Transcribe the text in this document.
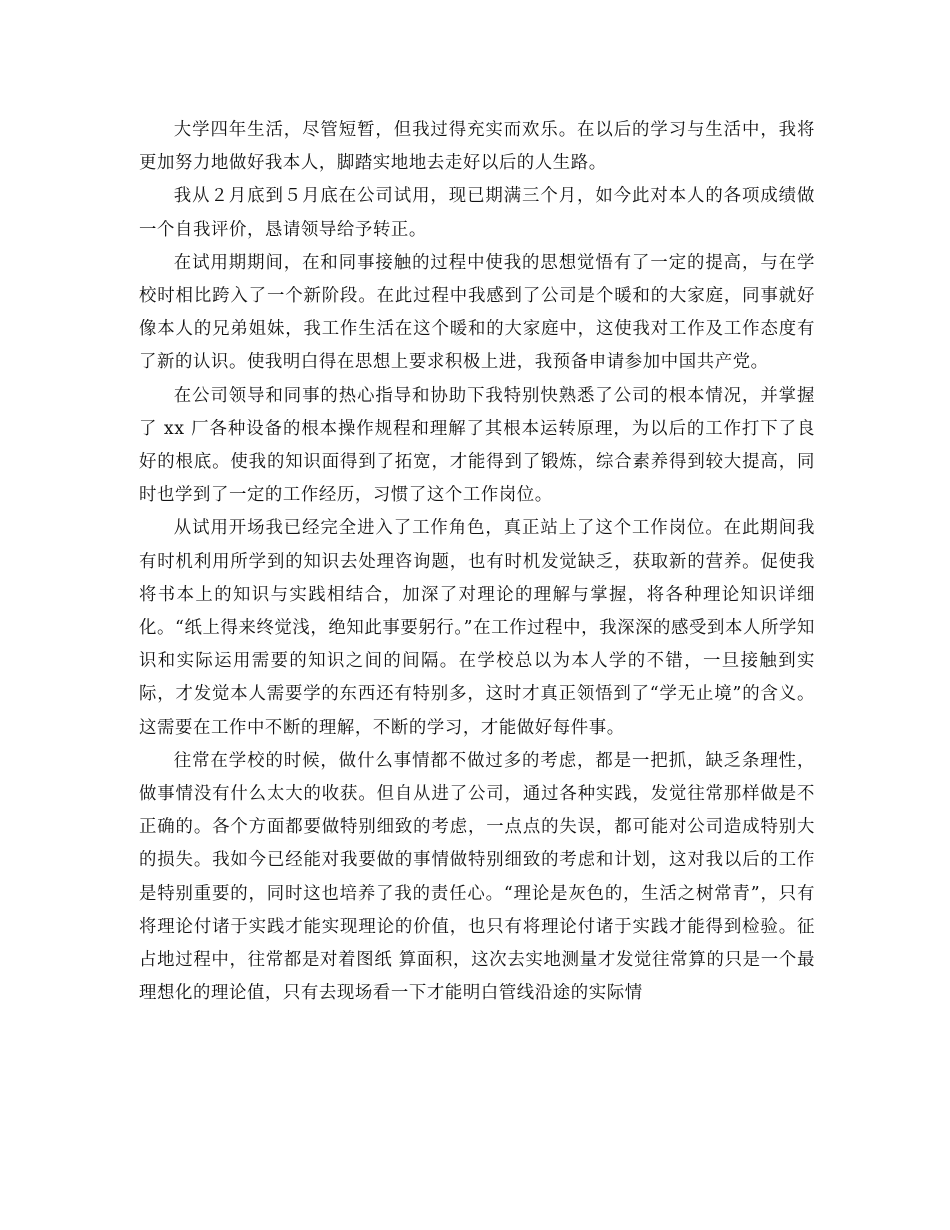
大学四年生活，尽管短暂，但我过得充实而欢乐。在以后的学习与生活中，我将更加努力地做好我本人，脚踏实地地去走好以后的人生路。

我从２月底到５月底在公司试用，现已期满三个月，如今此对本人的各项成绩做一个自我评价，恳请领导给予转正。

在试用期期间，在和同事接触的过程中使我的思想觉悟有了一定的提高，与在学校时相比跨入了一个新阶段。在此过程中我感到了公司是个暖和的大家庭，同事就好像本人的兄弟姐妹，我工作生活在这个暖和的大家庭中，这使我对工作及工作态度有了新的认识。使我明白得在思想上要求积极上进，我预备申请参加中国共产党。

在公司领导和同事的热心指导和协助下我特别快熟悉了公司的根本情况，并掌握了 xx 厂各种设备的根本操作规程和理解了其根本运转原理，为以后的工作打下了良好的根底。使我的知识面得到了拓宽，才能得到了锻炼，综合素养得到较大提高，同时也学到了一定的工作经历，习惯了这个工作岗位。

从试用开场我已经完全进入了工作角色，真正站上了这个工作岗位。在此期间我有时机利用所学到的知识去处理咨询题，也有时机发觉缺乏，获取新的营养。促使我将书本上的知识与实践相结合，加深了对理论的理解与掌握，将各种理论知识详细化。“纸上得来终觉浅，绝知此事要躬行。”在工作过程中，我深深的感受到本人所学知识和实际运用需要的知识之间的间隔。在学校总以为本人学的不错，一旦接触到实际，才发觉本人需要学的东西还有特别多，这时才真正领悟到了“学无止境”的含义。这需要在工作中不断的理解，不断的学习，才能做好每件事。

往常在学校的时候，做什么事情都不做过多的考虑，都是一把抓，缺乏条理性，做事情没有什么太大的收获。但自从进了公司，通过各种实践，发觉往常那样做是不正确的。各个方面都要做特别细致的考虑，一点点的失误，都可能对公司造成特别大的损失。我如今已经能对我要做的事情做特别细致的考虑和计划，这对我以后的工作是特别重要的，同时这也培养了我的责任心。“理论是灰色的，生活之树常青”，只有将理论付诸于实践才能实现理论的价值，也只有将理论付诸于实践才能得到检验。征占地过程中，往常都是对着图纸 算面积，这次去实地测量才发觉往常算的只是一个最理想化的理论值，只有去现场看一下才能明白管线沿途的实际情
